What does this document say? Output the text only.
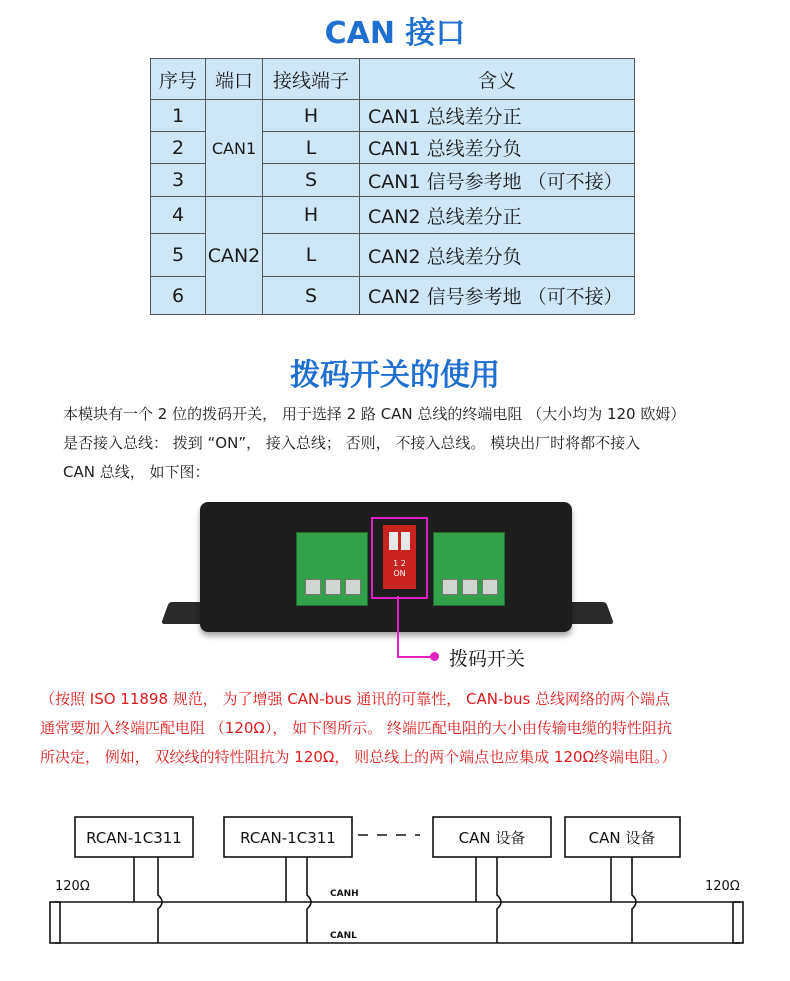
CAN 接口
序号	端口	接线端子	含义
1	CAN1	H	CAN1 总线差分正
2		L	CAN1 总线差分负
3		S	CAN1 信号参考地 （可不接）
4	CAN2	H	CAN2 总线差分正
5		L	CAN2 总线差分负
6		S	CAN2 信号参考地 （可不接）
拨码开关的使用
本模块有一个 2 位的拨码开关， 用于选择 2 路 CAN 总线的终端电阻 （大小均为 120 欧姆）
是否接入总线： 拨到 “ON”， 接入总线； 否则， 不接入总线。 模块出厂时将都不接入
CAN 总线， 如下图：
1 2
ON
拨码开关
（按照 ISO 11898 规范， 为了增强 CAN-bus 通讯的可靠性， CAN-bus 总线网络的两个端点
通常要加入终端匹配电阻 （120Ω）， 如下图所示。 终端匹配电阻的大小由传输电缆的特性阻抗
所决定， 例如， 双绞线的特性阻抗为 120Ω， 则总线上的两个端点也应集成 120Ω终端电阻。）
RCAN-1C311	RCAN-1C311	CAN 设备	CAN 设备
120Ω	120Ω
CANH
CANL
